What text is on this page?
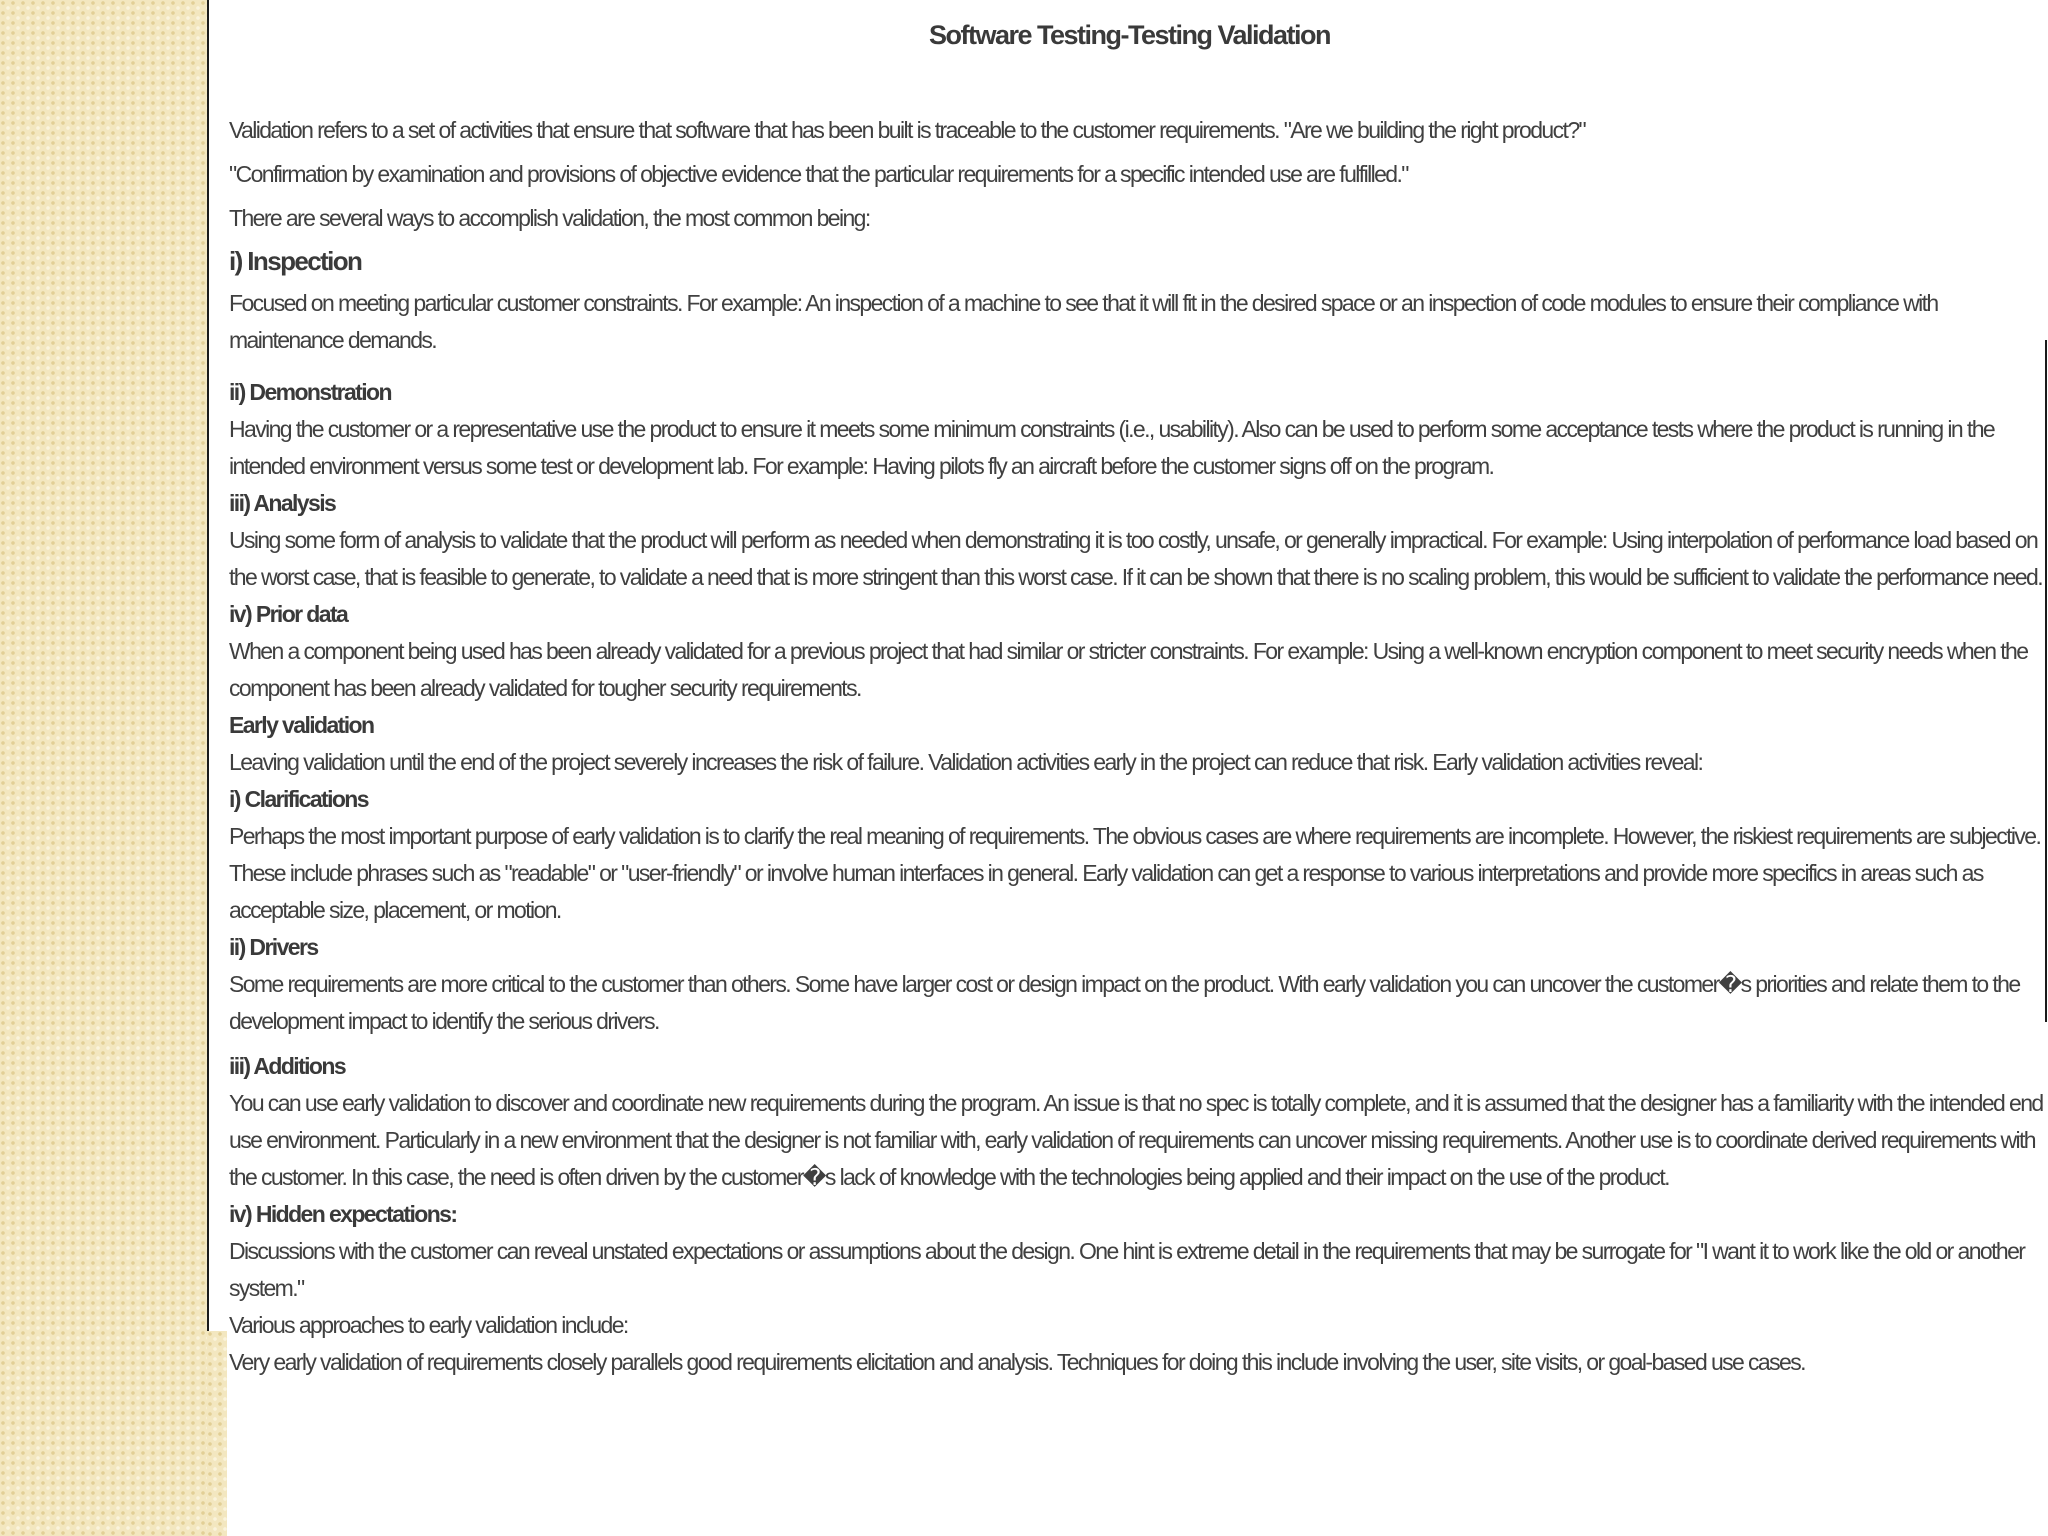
Software Testing-Testing Validation

Validation refers to a set of activities that ensure that software that has been built is traceable to the customer requirements. "Are we building the right product?"

"Confirmation by examination and provisions of objective evidence that the particular requirements for a specific intended use are fulfilled."

There are several ways to accomplish validation, the most common being:

i) Inspection

Focused on meeting particular customer constraints. For example: An inspection of a machine to see that it will fit in the desired space or an inspection of code modules to ensure their compliance with maintenance demands.

ii) Demonstration

Having the customer or a representative use the product to ensure it meets some minimum constraints (i.e., usability). Also can be used to perform some acceptance tests where the product is running in the intended environment versus some test or development lab. For example: Having pilots fly an aircraft before the customer signs off on the program.

iii) Analysis

Using some form of analysis to validate that the product will perform as needed when demonstrating it is too costly, unsafe, or generally impractical. For example: Using interpolation of performance load based on the worst case, that is feasible to generate, to validate a need that is more stringent than this worst case. If it can be shown that there is no scaling problem, this would be sufficient to validate the performance need.

iv) Prior data

When a component being used has been already validated for a previous project that had similar or stricter constraints. For example: Using a well-known encryption component to meet security needs when the component has been already validated for tougher security requirements.

Early validation

Leaving validation until the end of the project severely increases the risk of failure. Validation activities early in the project can reduce that risk. Early validation activities reveal:

i) Clarifications

Perhaps the most important purpose of early validation is to clarify the real meaning of requirements. The obvious cases are where requirements are incomplete. However, the riskiest requirements are subjective. These include phrases such as "readable" or "user-friendly" or involve human interfaces in general. Early validation can get a response to various interpretations and provide more specifics in areas such as acceptable size, placement, or motion.

ii) Drivers

Some requirements are more critical to the customer than others. Some have larger cost or design impact on the product. With early validation you can uncover the customer�s priorities and relate them to the development impact to identify the serious drivers.

iii) Additions

You can use early validation to discover and coordinate new requirements during the program. An issue is that no spec is totally complete, and it is assumed that the designer has a familiarity with the intended end use environment. Particularly in a new environment that the designer is not familiar with, early validation of requirements can uncover missing requirements. Another use is to coordinate derived requirements with the customer. In this case, the need is often driven by the customer�s lack of knowledge with the technologies being applied and their impact on the use of the product.

iv) Hidden expectations:

Discussions with the customer can reveal unstated expectations or assumptions about the design. One hint is extreme detail in the requirements that may be surrogate for "I want it to work like the old or another system."

Various approaches to early validation include:

Very early validation of requirements closely parallels good requirements elicitation and analysis. Techniques for doing this include involving the user, site visits, or goal-based use cases.
